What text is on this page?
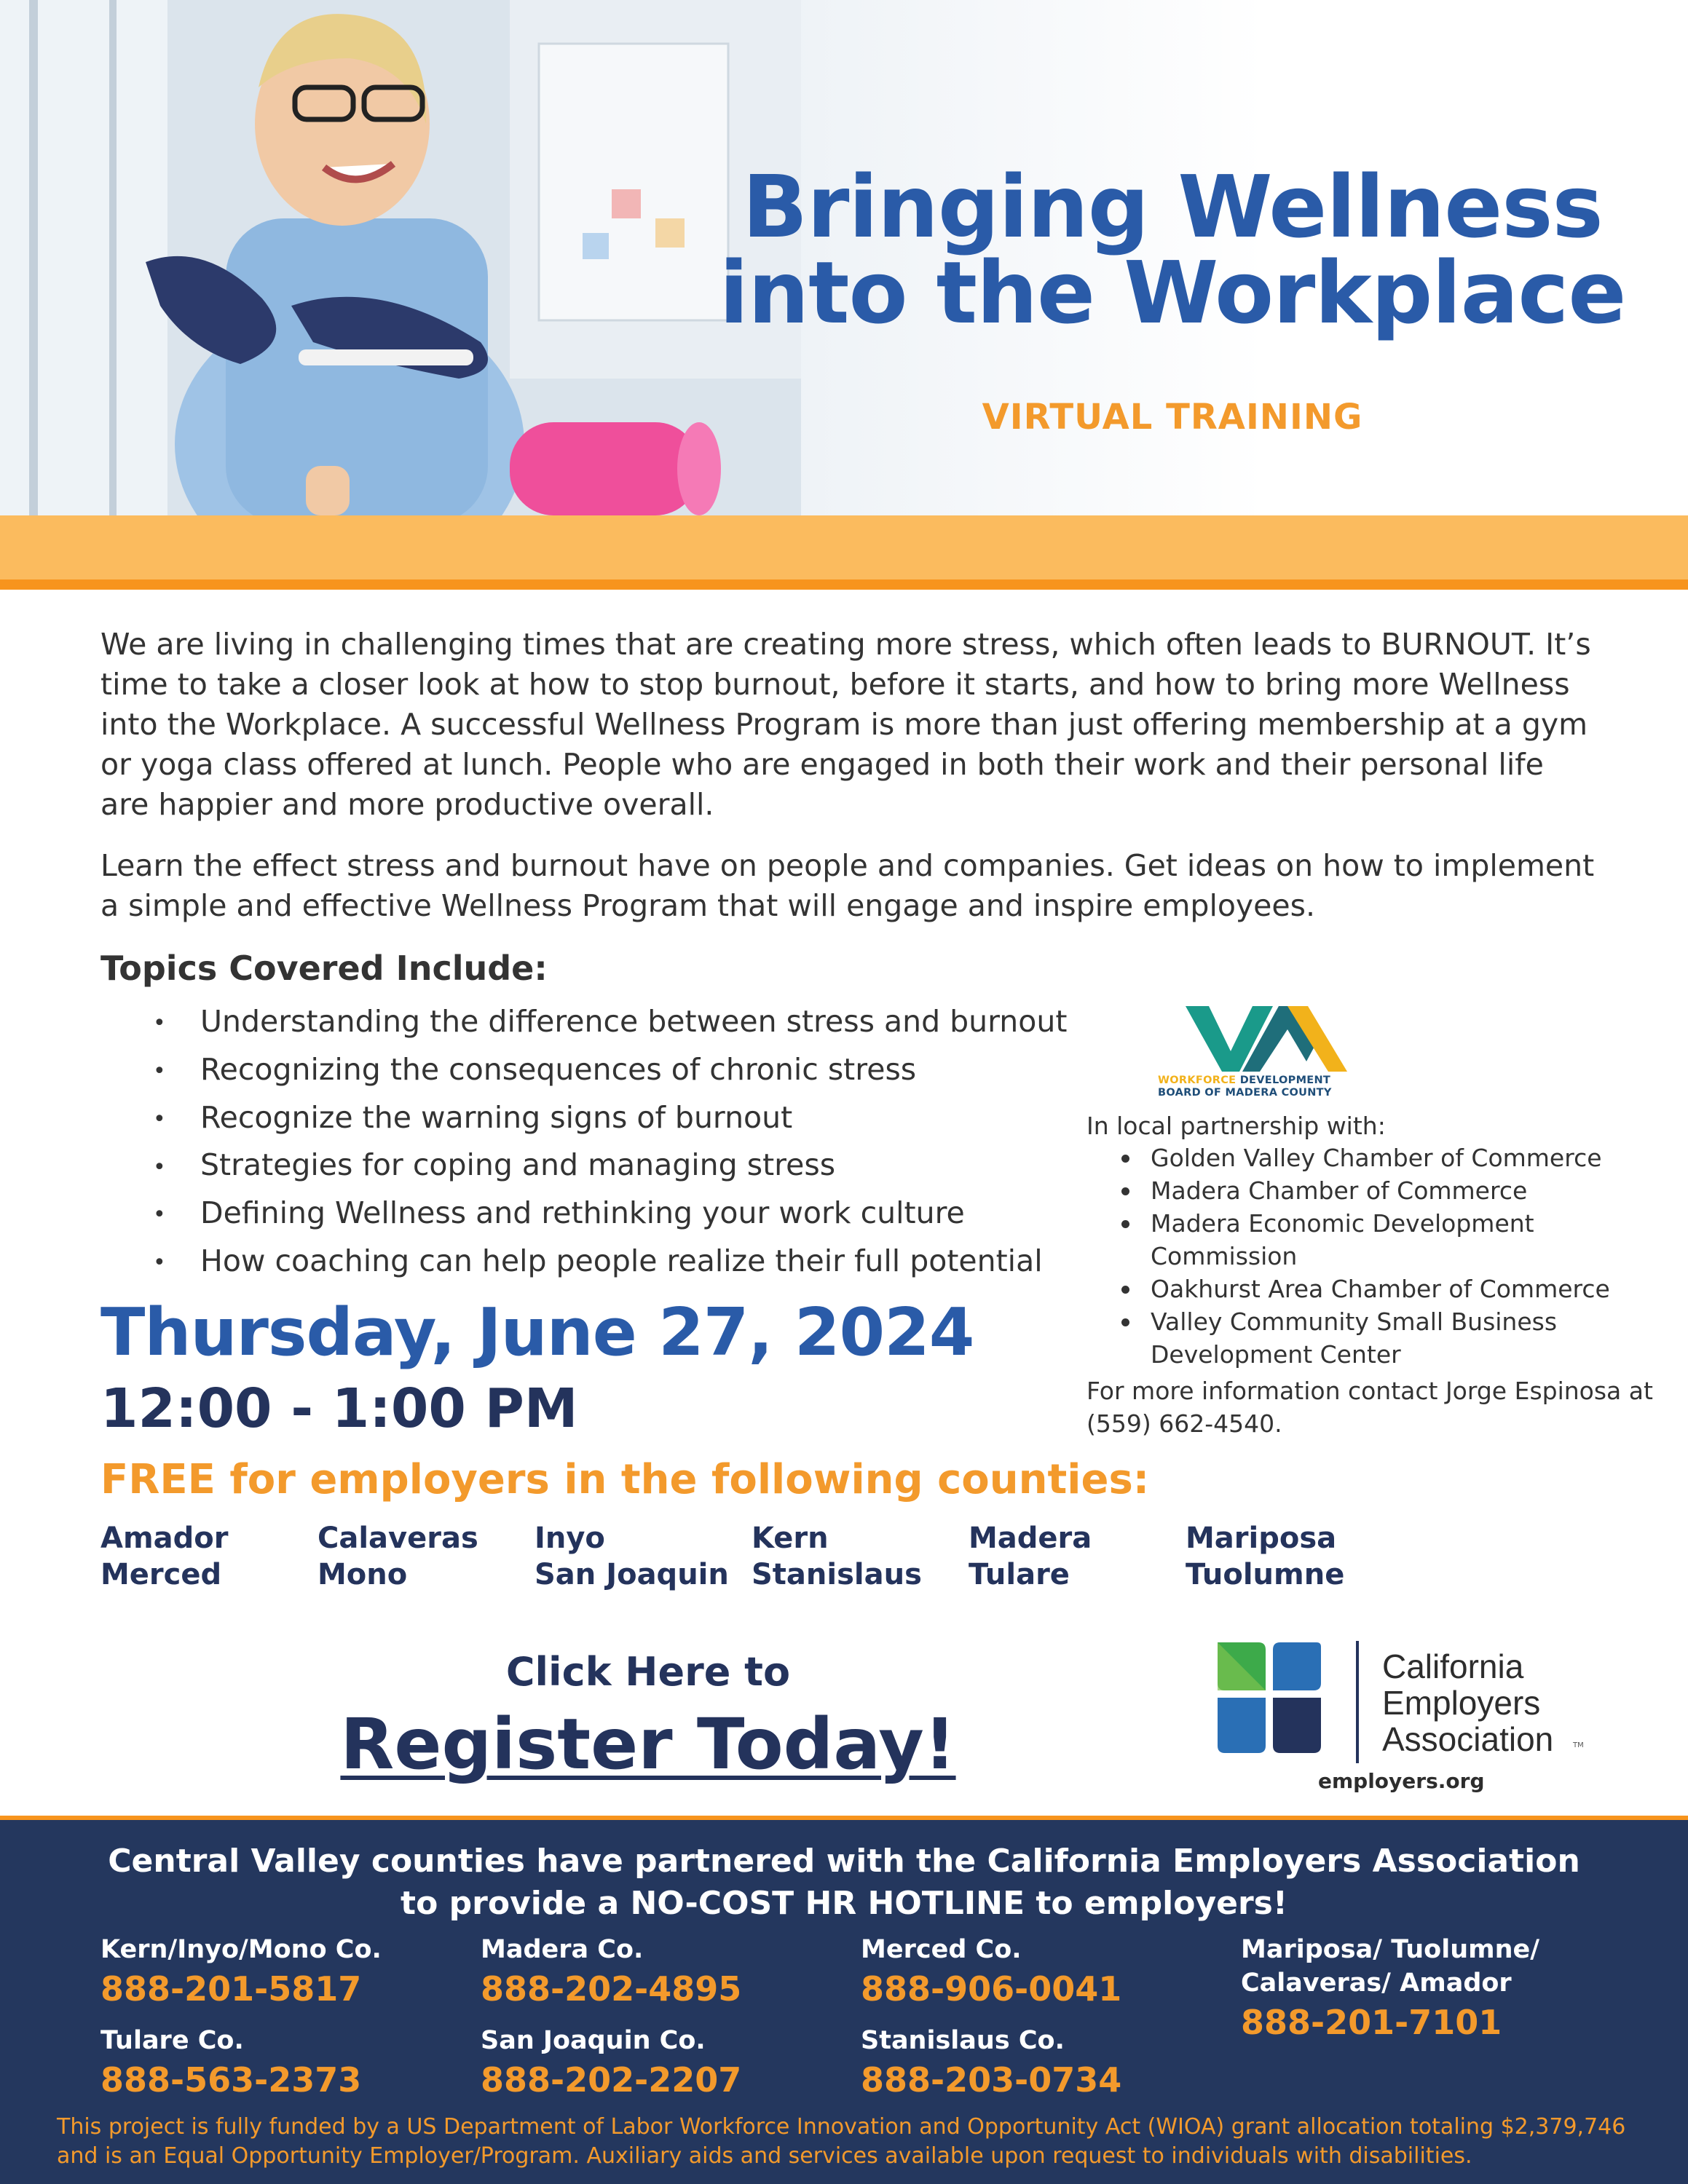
Bringing Wellness
into the Workplace
VIRTUAL TRAINING

We are living in challenging times that are creating more stress, which often leads to BURNOUT. It’s time to take a closer look at how to stop burnout, before it starts, and how to bring more Wellness into the Workplace. A successful Wellness Program is more than just offering membership at a gym or yoga class offered at lunch. People who are engaged in both their work and their personal life are happier and more productive overall.

Learn the effect stress and burnout have on people and companies. Get ideas on how to implement a simple and effective Wellness Program that will engage and inspire employees.

Topics Covered Include:
• Understanding the difference between stress and burnout
• Recognizing the consequences of chronic stress
• Recognize the warning signs of burnout
• Strategies for coping and managing stress
• Defining Wellness and rethinking your work culture
• How coaching can help people realize their full potential
WORKFORCE DEVELOPMENT
BOARD OF MADERA COUNTY
In local partnership with:
Golden Valley Chamber of Commerce
Madera Chamber of Commerce
Madera Economic Development Commission
Oakhurst Area Chamber of Commerce
Valley Community Small Business Development Center
For more information contact Jorge Espinosa at (559) 662-4540.
Thursday, June 27, 2024
12:00 - 1:00 PM
FREE for employers in the following counties:
Amador
Merced
Calaveras
Mono
Inyo
San Joaquin
Kern
Stanislaus
Madera
Tulare
Mariposa
Tuolumne
Click Here to
Register Today!
California
Employers
Association	TM
employers.org
Central Valley counties have partnered with the California Employers Association
to provide a NO-COST HR HOTLINE to employers!
Kern/Inyo/Mono Co.
888-201-5817
Madera Co.
888-202-4895
Merced Co.
888-906-0041
Mariposa/ Tuolumne/ Calaveras/ Amador
888-201-7101
Tulare Co.
888-563-2373
San Joaquin Co.
888-202-2207
Stanislaus Co.
888-203-0734
This project is fully funded by a US Department of Labor Workforce Innovation and Opportunity Act (WIOA) grant allocation totaling $2,379,746 and is an Equal Opportunity Employer/Program. Auxiliary aids and services available upon request to individuals with disabilities.
